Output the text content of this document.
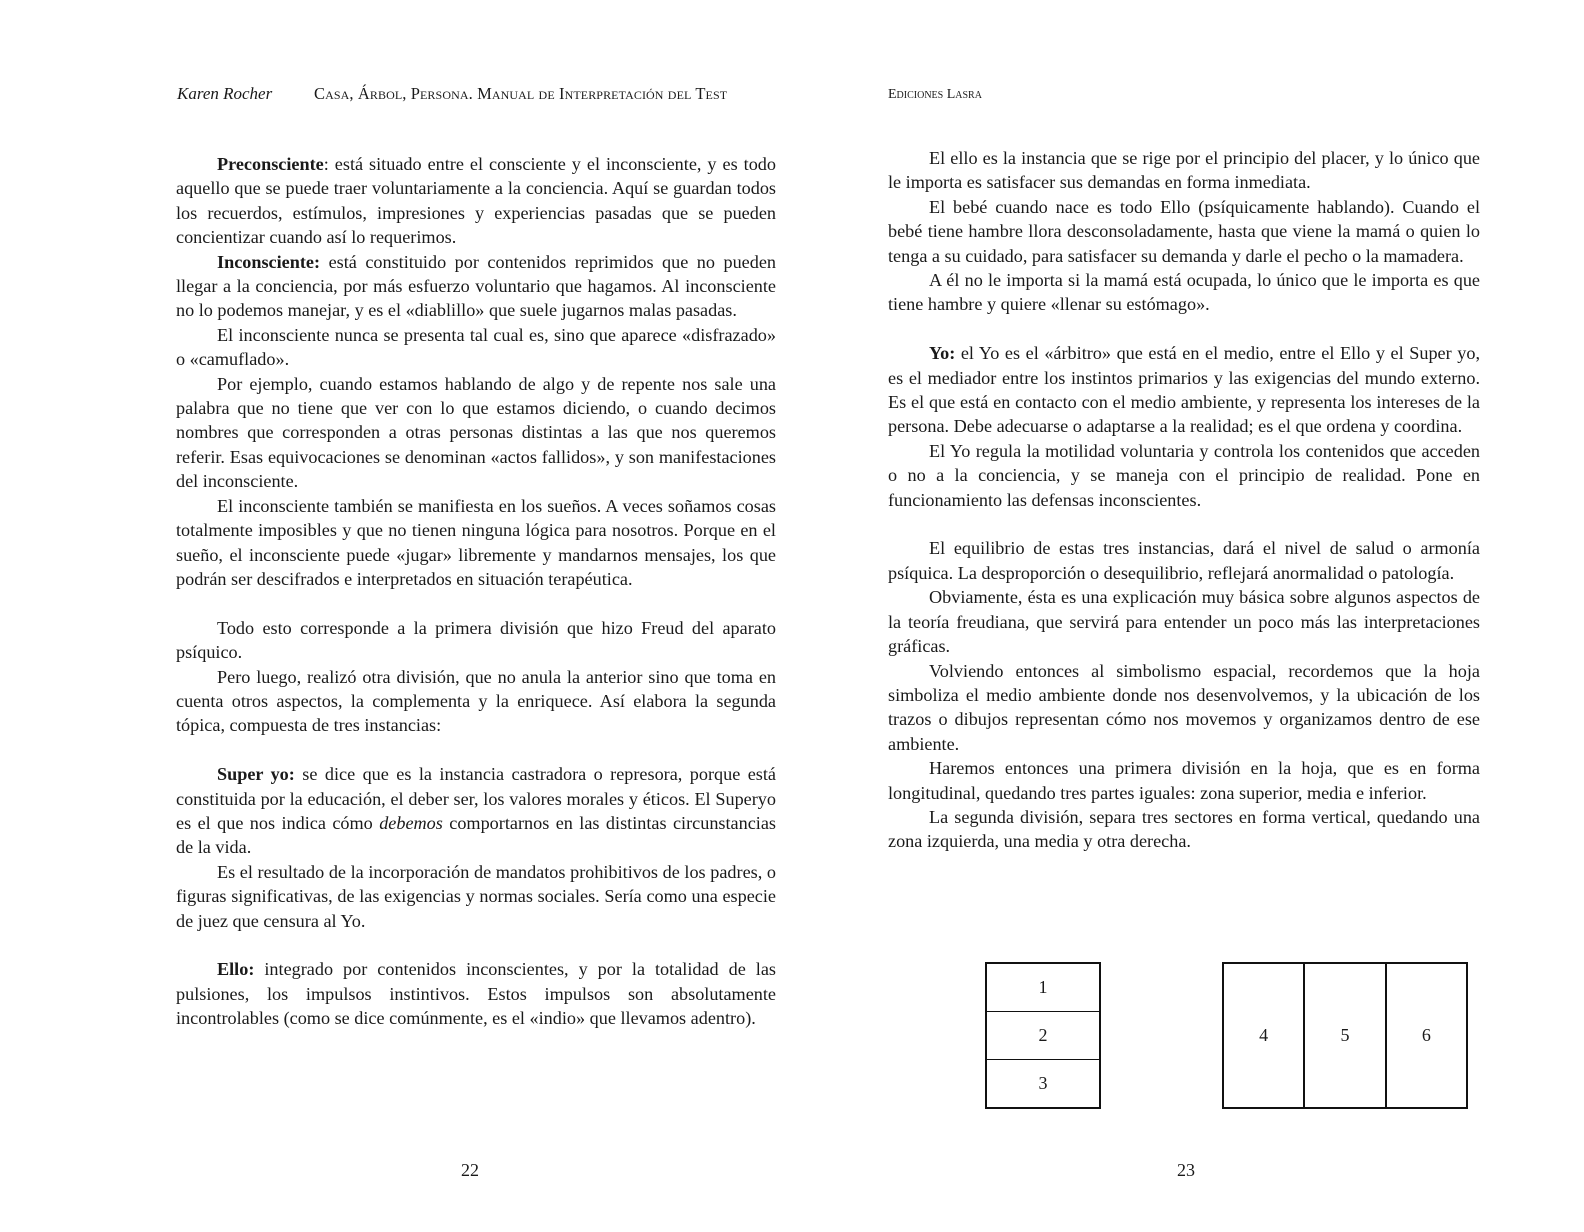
Karen Rocher	Casa, Árbol, Persona. Manual de Interpretación del Test

Preconsciente: está situado entre el consciente y el inconsciente, y es todo aquello que se puede traer voluntariamente a la conciencia. Aquí se guardan todos los recuerdos, estímulos, impresiones y experiencias pasadas que se pueden concientizar cuando así lo requerimos.

Inconsciente: está constituido por contenidos reprimidos que no pueden llegar a la conciencia, por más esfuerzo voluntario que hagamos. Al inconsciente no lo podemos manejar, y es el «diablillo» que suele jugarnos malas pasadas.

El inconsciente nunca se presenta tal cual es, sino que aparece «disfrazado» o «camuflado».

Por ejemplo, cuando estamos hablando de algo y de repente nos sale una palabra que no tiene que ver con lo que estamos diciendo, o cuando decimos nombres que corresponden a otras personas distintas a las que nos queremos referir. Esas equivocaciones se denominan «actos fallidos», y son manifestaciones del inconsciente.

El inconsciente también se manifiesta en los sueños. A veces soñamos cosas totalmente imposibles y que no tienen ninguna lógica para nosotros. Porque en el sueño, el inconsciente puede «jugar» libremente y mandarnos mensajes, los que podrán ser descifrados e interpretados en situación terapéutica.

Todo esto corresponde a la primera división que hizo Freud del aparato psíquico.

Pero luego, realizó otra división, que no anula la anterior sino que toma en cuenta otros aspectos, la complementa y la enriquece. Así elabora la segunda tópica, compuesta de tres instancias:

Super yo: se dice que es la instancia castradora o represora, porque está constituida por la educación, el deber ser, los valores morales y éticos. El Superyo es el que nos indica cómo debemos comportarnos en las distintas circunstancias de la vida.

Es el resultado de la incorporación de mandatos prohibitivos de los padres, o figuras significativas, de las exigencias y normas sociales. Sería como una especie de juez que censura al Yo.

Ello: integrado por contenidos inconscientes, y por la totalidad de las pulsiones, los impulsos instintivos. Estos impulsos son absolutamente incontrolables (como se dice comúnmente, es el «indio» que llevamos adentro).

22
Ediciones Lasra

El ello es la instancia que se rige por el principio del placer, y lo único que le importa es satisfacer sus demandas en forma inmediata.

El bebé cuando nace es todo Ello (psíquicamente hablando). Cuando el bebé tiene hambre llora desconsoladamente, hasta que viene la mamá o quien lo tenga a su cuidado, para satisfacer su demanda y darle el pecho o la mamadera.

A él no le importa si la mamá está ocupada, lo único que le importa es que tiene hambre y quiere «llenar su estómago».

Yo: el Yo es el «árbitro» que está en el medio, entre el Ello y el Super yo, es el mediador entre los instintos primarios y las exigencias del mundo externo. Es el que está en contacto con el medio ambiente, y representa los intereses de la persona. Debe adecuarse o adaptarse a la realidad; es el que ordena y coordina.

El Yo regula la motilidad voluntaria y controla los contenidos que acceden o no a la conciencia, y se maneja con el principio de realidad. Pone en funcionamiento las defensas inconscientes.

El equilibrio de estas tres instancias, dará el nivel de salud o armonía psíquica. La desproporción o desequilibrio, reflejará anormalidad o patología.

Obviamente, ésta es una explicación muy básica sobre algunos aspectos de la teoría freudiana, que servirá para entender un poco más las interpretaciones gráficas.

Volviendo entonces al simbolismo espacial, recordemos que la hoja simboliza el medio ambiente donde nos desenvolvemos, y la ubicación de los trazos o dibujos representan cómo nos movemos y organizamos dentro de ese ambiente.

Haremos entonces una primera división en la hoja, que es en forma longitudinal, quedando tres partes iguales: zona superior, media e inferior.

La segunda división, separa tres sectores en forma vertical, quedando una zona izquierda, una media y otra derecha.

1
2
3
4	5	6
23
